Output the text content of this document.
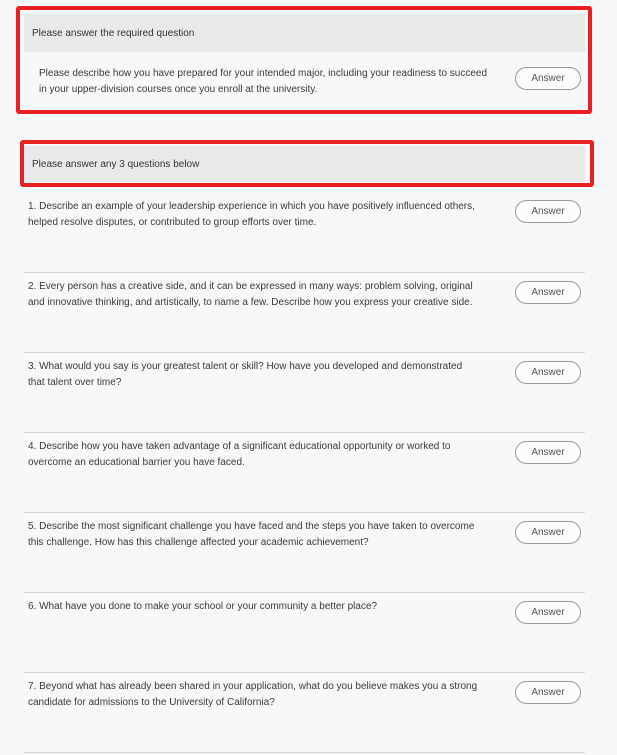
Please answer the required question
Please describe how you have prepared for your intended major, including your readiness to succeed in your upper-division courses once you enroll at the university.
Answer
Please answer any 3 questions below
1. Describe an example of your leadership experience in which you have positively influenced others, helped resolve disputes, or contributed to group efforts over time.
Answer
2. Every person has a creative side, and it can be expressed in many ways: problem solving, original and innovative thinking, and artistically, to name a few. Describe how you express your creative side.
Answer
3. What would you say is your greatest talent or skill? How have you developed and demonstrated that talent over time?
Answer
4. Describe how you have taken advantage of a significant educational opportunity or worked to overcome an educational barrier you have faced.
Answer
5. Describe the most significant challenge you have faced and the steps you have taken to overcome this challenge. How has this challenge affected your academic achievement?
Answer
6. What have you done to make your school or your community a better place?
Answer
7. Beyond what has already been shared in your application, what do you believe makes you a strong candidate for admissions to the University of California?
Answer
